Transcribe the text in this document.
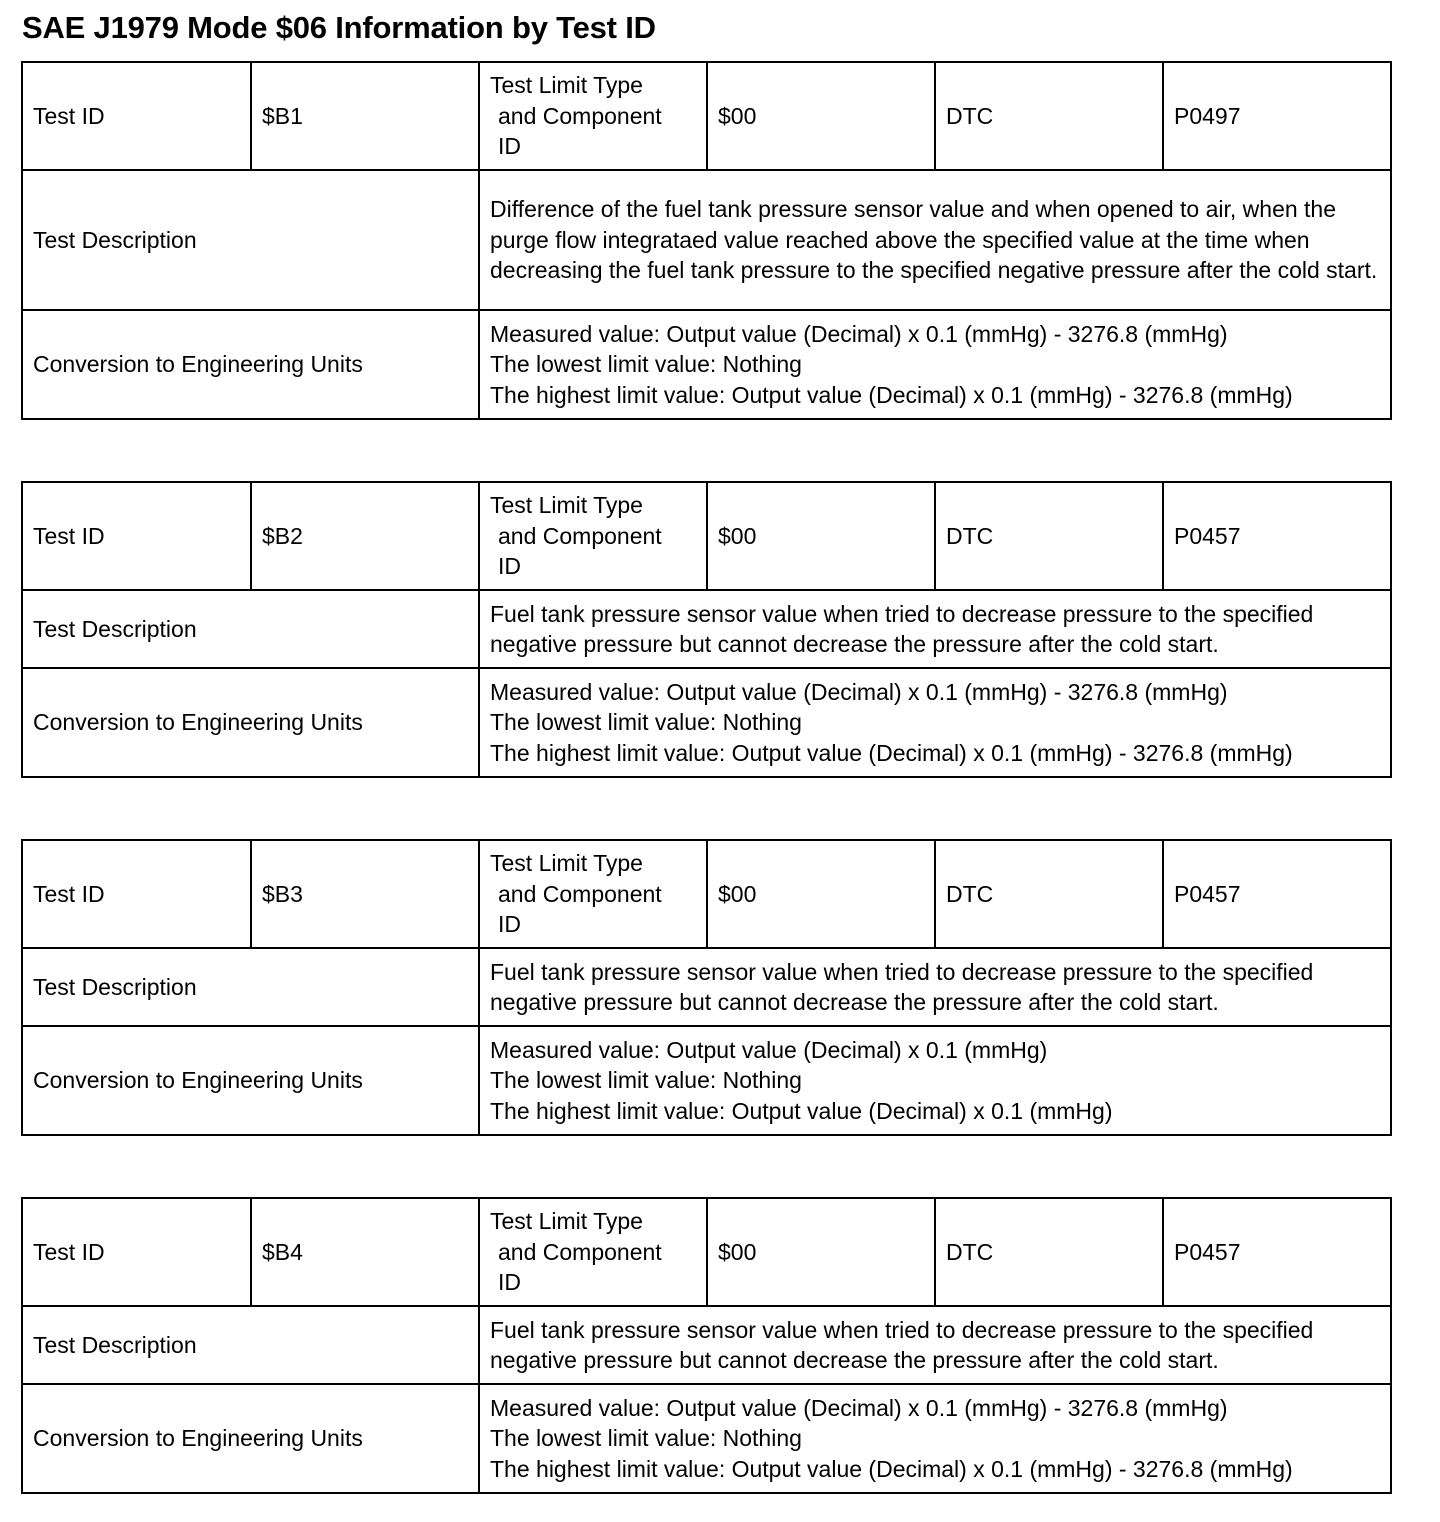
SAE J1979 Mode $06 Information by Test ID
Test ID	$B1	Test Limit Type
and Component
ID	$00	DTC	P0497
Test Description		Difference of the fuel tank pressure sensor value and when opened to air, when the purge flow integrataed value reached above the specified value at the time when decreasing the fuel tank pressure to the specified negative pressure after the cold start.			

Conversion to Engineering Units		Measured value: Output value (Decimal) x 0.1 (mmHg) - 3276.8 (mmHg)
The lowest limit value: Nothing
The highest limit value: Output value (Decimal) x 0.1 (mmHg) - 3276.8 (mmHg)			
Test ID	$B2	Test Limit Type
and Component
ID	$00	DTC	P0457
Test Description		Fuel tank pressure sensor value when tried to decrease pressure to the specified negative pressure but cannot decrease the pressure after the cold start.			

Conversion to Engineering Units		Measured value: Output value (Decimal) x 0.1 (mmHg) - 3276.8 (mmHg)
The lowest limit value: Nothing
The highest limit value: Output value (Decimal) x 0.1 (mmHg) - 3276.8 (mmHg)			
Test ID	$B3	Test Limit Type
and Component
ID	$00	DTC	P0457
Test Description		Fuel tank pressure sensor value when tried to decrease pressure to the specified negative pressure but cannot decrease the pressure after the cold start.			

Conversion to Engineering Units		Measured value: Output value (Decimal) x 0.1 (mmHg)
The lowest limit value: Nothing
The highest limit value: Output value (Decimal) x 0.1 (mmHg)			
Test ID	$B4	Test Limit Type
and Component
ID	$00	DTC	P0457
Test Description		Fuel tank pressure sensor value when tried to decrease pressure to the specified negative pressure but cannot decrease the pressure after the cold start.			

Conversion to Engineering Units		Measured value: Output value (Decimal) x 0.1 (mmHg) - 3276.8 (mmHg)
The lowest limit value: Nothing
The highest limit value: Output value (Decimal) x 0.1 (mmHg) - 3276.8 (mmHg)			
